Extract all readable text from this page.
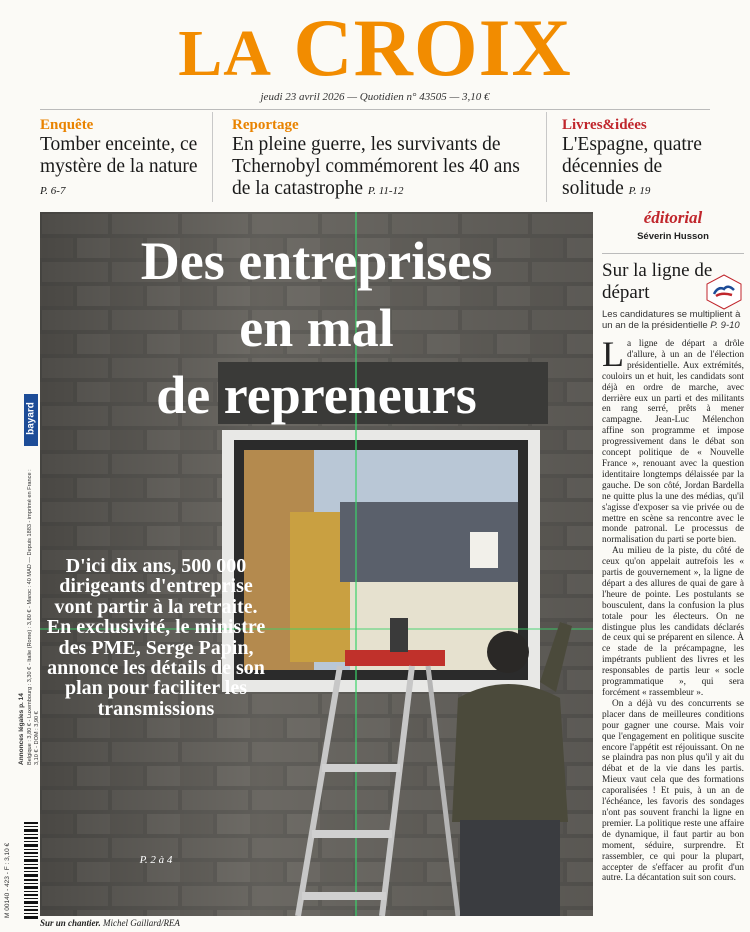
LA CROIX
jeudi 23 avril 2026 — Quotidien n° 43505 — 3,10 €
Enquête
Tomber enceinte, ce mystère de la nature P. 6-7
Reportage
En pleine guerre, les survivants de Tchernobyl commémorent les 40 ans de la catastrophe P. 11-12
Livres&idées
L'Espagne, quatre décennies de solitude P. 19
bayard
Annonces légales p. 14 Belgique : 3,80 € - Luxembourg : 3,30 € - Italie (Rome) : 3,80 € - Maroc : 40 MAD — Depuis 1883 - imprimé en France : 3,10 € - DOM : 3,90 €
M 00140 - 423 - F : 3,10 €
Des entreprises
en mal
de repreneurs
D'ici dix ans, 500 000 dirigeants d'entreprise vont partir à la retraite. En exclusivité, le ministre des PME, Serge Papin, annonce les détails de son plan pour faciliter les transmissions
P. 2 à 4
Sur un chantier. Michel Gaillard/REA
éditorial
Séverin Husson
Sur la ligne de départ
Les candidatures se multiplient à un an de la présidentielle P. 9-10

La ligne de départ a drôle d'allure, à un an de l'élection présidentielle. Aux extrémités, couloirs un et huit, les candidats sont déjà en ordre de marche, avec derrière eux un parti et des militants en rang serré, prêts à mener campagne. Jean-Luc Mélenchon affine son programme et impose progressivement dans le débat son concept politique de « Nouvelle France », renouant avec la question identitaire longtemps délaissée par la gauche. De son côté, Jordan Bardella ne quitte plus la une des médias, qu'il s'agisse d'exposer sa vie privée ou de mettre en scène sa rencontre avec le monde patronal. Le processus de normalisation du parti se porte bien.

Au milieu de la piste, du côté de ceux qu'on appelait autrefois les « partis de gouvernement », la ligne de départ a des allures de quai de gare à l'heure de pointe. Les postulants se bousculent, dans la confusion la plus totale pour les électeurs. On ne distingue plus les candidats déclarés de ceux qui se préparent en silence. À ce stade de la précampagne, les impétrants publient des livres et les responsables de partis leur « socle programmatique », qui sera forcément « rassembleur ».

On a déjà vu des concurrents se placer dans de meilleures conditions pour gagner une course. Mais voir que l'engagement en politique suscite encore l'appétit est réjouissant. On ne se plaindra pas non plus qu'il y ait du débat et de la vie dans les partis. Mieux vaut cela que des formations caporalisées ! Et puis, à un an de l'échéance, les favoris des sondages n'ont pas souvent franchi la ligne en premier. La politique reste une affaire de dynamique, il faut partir au bon moment, séduire, surprendre. Et rassembler, ce qui pour la plupart, accepter de s'effacer au profit d'un autre. La décantation suit son cours.
